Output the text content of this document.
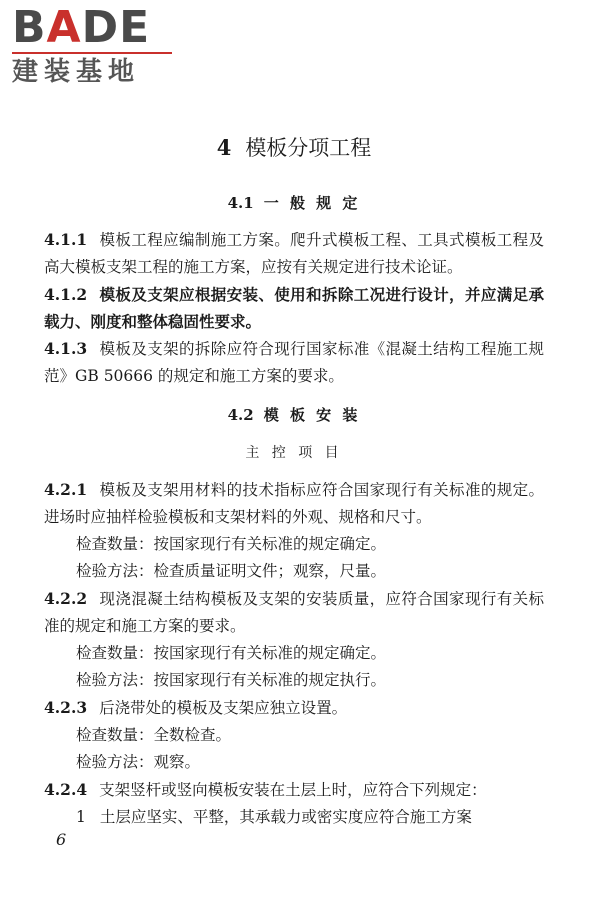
BADE
建装基地
4 模板分项工程
4.1 一 般 规 定

4.1.1 模板工程应编制施工方案。爬升式模板工程、工具式模板工程及高大模板支架工程的施工方案，应按有关规定进行技术论证。

4.1.2 模板及支架应根据安装、使用和拆除工况进行设计，并应满足承载力、刚度和整体稳固性要求。

4.1.3 模板及支架的拆除应符合现行国家标准《混凝土结构工程施工规范》GB 50666 的规定和施工方案的要求。

4.2 模 板 安 装
主 控 项 目

4.2.1 模板及支架用材料的技术指标应符合国家现行有关标准的规定。进场时应抽样检验模板和支架材料的外观、规格和尺寸。

检查数量：按国家现行有关标准的规定确定。

检验方法：检查质量证明文件；观察，尺量。

4.2.2 现浇混凝土结构模板及支架的安装质量，应符合国家现行有关标准的规定和施工方案的要求。

检查数量：按国家现行有关标准的规定确定。

检验方法：按国家现行有关标准的规定执行。

4.2.3 后浇带处的模板及支架应独立设置。

检查数量：全数检查。

检验方法：观察。

4.2.4 支架竖杆或竖向模板安装在土层上时，应符合下列规定：

1 土层应坚实、平整，其承载力或密实度应符合施工方案

6
